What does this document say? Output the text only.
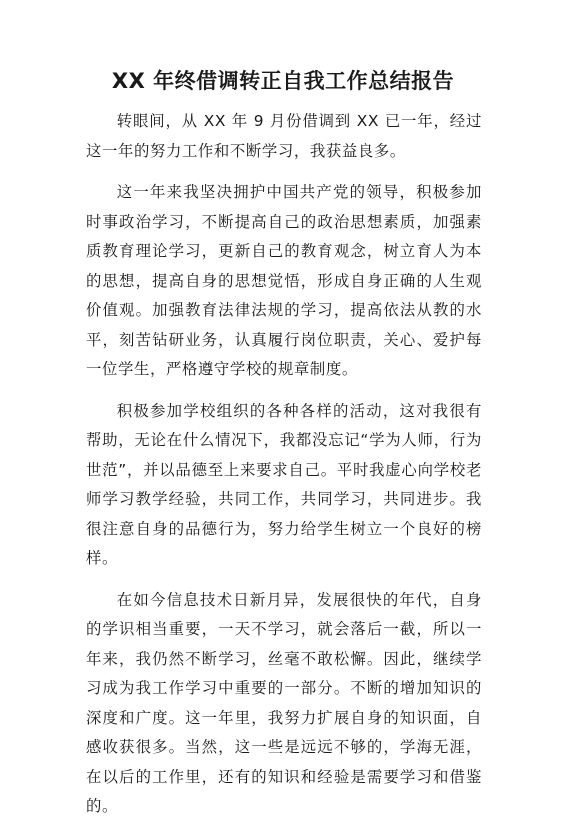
XX 年终借调转正自我工作总结报告

转眼间，从 XX 年 9 月份借调到 XX 已一年，经过这一年的努力工作和不断学习，我获益良多。

这一年来我坚决拥护中国共产党的领导，积极参加时事政治学习，不断提高自己的政治思想素质，加强素质教育理论学习，更新自己的教育观念，树立育人为本的思想，提高自身的思想觉悟，形成自身正确的人生观价值观。加强教育法律法规的学习，提高依法从教的水平，刻苦钻研业务，认真履行岗位职责，关心、爱护每一位学生，严格遵守学校的规章制度。

积极参加学校组织的各种各样的活动，这对我很有帮助，无论在什么情况下，我都没忘记“学为人师，行为世范”，并以品德至上来要求自己。平时我虚心向学校老师学习教学经验，共同工作，共同学习，共同进步。我很注意自身的品德行为，努力给学生树立一个良好的榜样。

在如今信息技术日新月异，发展很快的年代，自身的学识相当重要，一天不学习，就会落后一截，所以一年来，我仍然不断学习，丝毫不敢松懈。因此，继续学习成为我工作学习中重要的一部分。不断的增加知识的深度和广度。这一年里，我努力扩展自身的知识面，自感收获很多。当然，这一些是远远不够的，学海无涯，在以后的工作里，还有的知识和经验是需要学习和借鉴的。
